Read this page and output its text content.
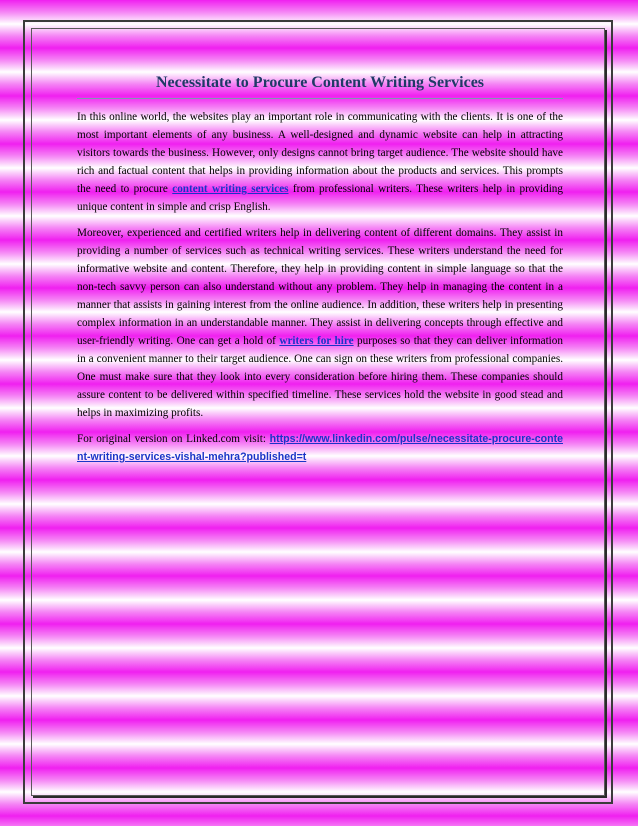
Necessitate to Procure Content Writing Services

In this online world, the websites play an important role in communicating with the clients. It is one of the most important elements of any business. A well-designed and dynamic website can help in attracting visitors towards the business. However, only designs cannot bring target audience. The website should have rich and factual content that helps in providing information about the products and services. This prompts the need to procure content writing services from professional writers. These writers help in providing unique content in simple and crisp English.

Moreover, experienced and certified writers help in delivering content of different domains. They assist in providing a number of services such as technical writing services. These writers understand the need for informative website and content. Therefore, they help in providing content in simple language so that the non-tech savvy person can also understand without any problem. They help in managing the content in a manner that assists in gaining interest from the online audience. In addition, these writers help in presenting complex information in an understandable manner. They assist in delivering concepts through effective and user-friendly writing. One can get a hold of writers for hire purposes so that they can deliver information in a convenient manner to their target audience. One can sign on these writers from professional companies. One must make sure that they look into every consideration before hiring them. These companies should assure content to be delivered within specified timeline. These services hold the website in good stead and helps in maximizing profits.

For original version on Linked.com visit: https://www.linkedin.com/pulse/necessitate-procure-content-writing-services-vishal-mehra?published=t
